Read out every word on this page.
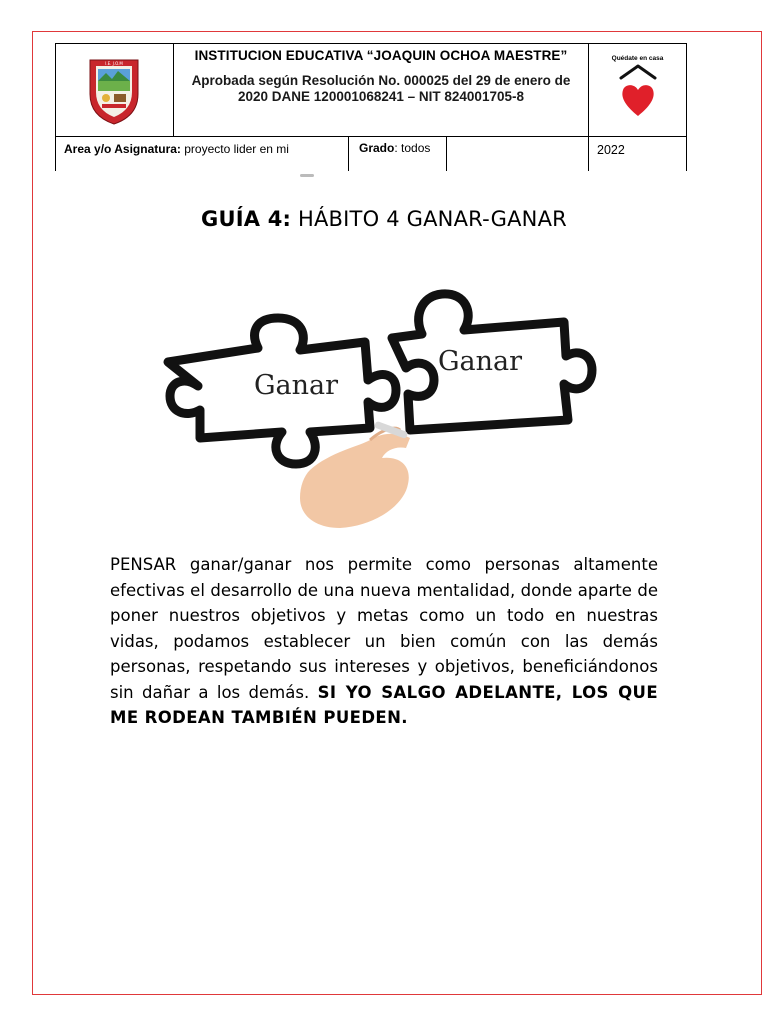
I.E. J.O.M
INSTITUCION EDUCATIVA “JOAQUIN OCHOA MAESTRE”
Aprobada según Resolución No. 000025 del 29 de enero de
2020 DANE 120001068241 – NIT 824001705-8
Quédate en casa
Area y/o Asignatura: proyecto lider en mi	Grado: todos	2022
GUÍA 4: HÁBITO 4 GANAR-GANAR
Ganar
Ganar
PENSAR ganar/ganar nos permite como personas altamente efectivas el desarrollo de una nueva mentalidad, donde aparte de poner nuestros objetivos y metas como un todo en nuestras vidas, podamos establecer un bien común con las demás personas, respetando sus intereses y objetivos, beneficiándonos sin dañar a los demás. SI YO SALGO ADELANTE, LOS QUE ME RODEAN TAMBIÉN PUEDEN.
